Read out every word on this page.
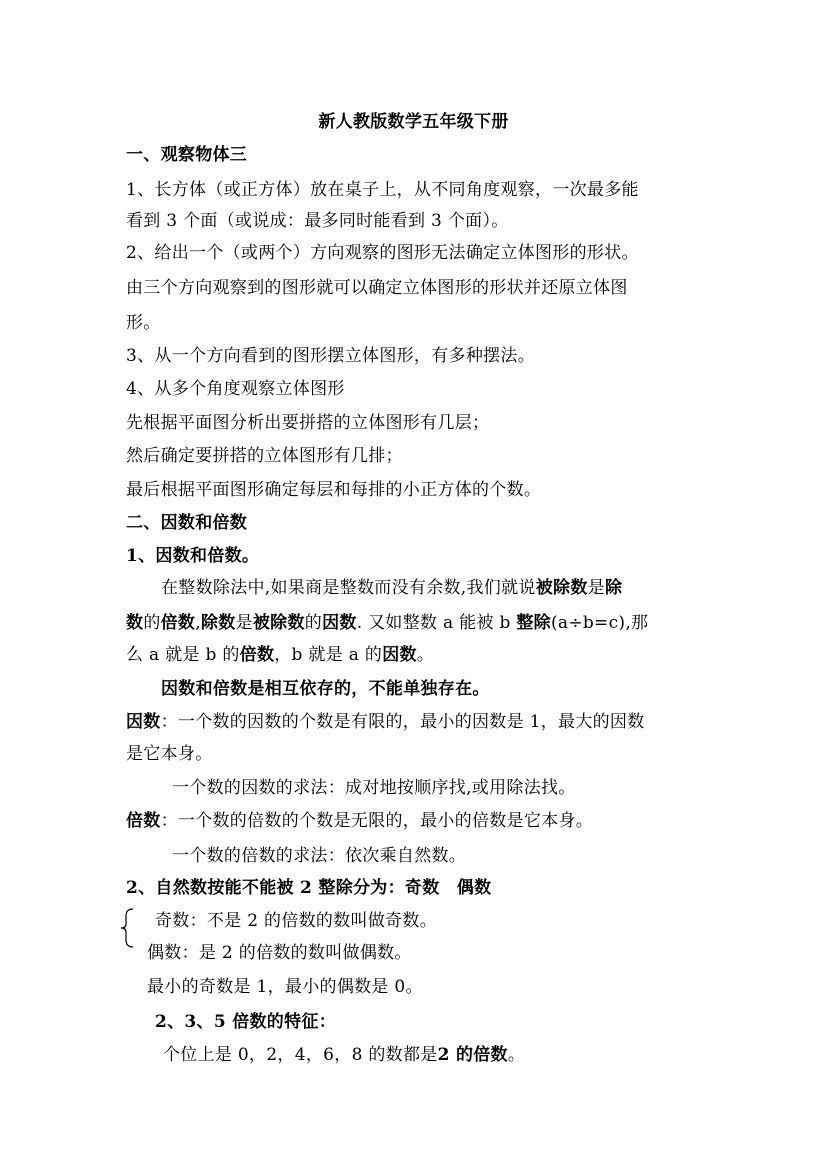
新人教版数学五年级下册
一、观察物体三
1、长方体（或正方体）放在桌子上，从不同角度观察，一次最多能
看到 3 个面（或说成：最多同时能看到 3 个面）。
2、给出一个（或两个）方向观察的图形无法确定立体图形的形状。
由三个方向观察到的图形就可以确定立体图形的形状并还原立体图
形。
3、从一个方向看到的图形摆立体图形，有多种摆法。
4、从多个角度观察立体图形
先根据平面图分析出要拼搭的立体图形有几层；
然后确定要拼搭的立体图形有几排；
最后根据平面图形确定每层和每排的小正方体的个数。
二、因数和倍数
1、因数和倍数。
在整数除法中,如果商是整数而没有余数,我们就说被除数是除
数的倍数,除数是被除数的因数. 又如整数 a 能被 b 整除(a÷b=c),那
么 a 就是 b 的倍数，b 就是 a 的因数。
因数和倍数是相互依存的，不能单独存在。
因数：一个数的因数的个数是有限的，最小的因数是 1，最大的因数
是它本身。
一个数的因数的求法：成对地按顺序找,或用除法找。
倍数：一个数的倍数的个数是无限的，最小的倍数是它本身。
一个数的倍数的求法：依次乘自然数。
2、自然数按能不能被 2 整除分为：奇数　偶数
奇数：不是 2 的倍数的数叫做奇数。
偶数：是 2 的倍数的数叫做偶数。
最小的奇数是 1，最小的偶数是 0。
2、3、5 倍数的特征：
个位上是 0，2，4，6，8 的数都是2 的倍数。
